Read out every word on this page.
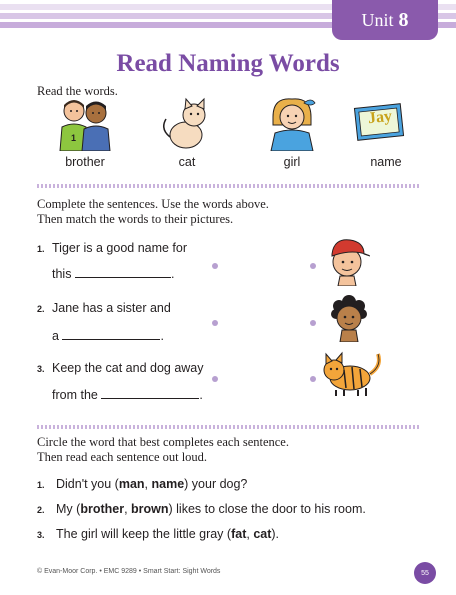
Unit 8
Read Naming Words
Read the words.
1
brother	cat	girl
Jay
name
Complete the sentences. Use the words above.
Then match the words to their pictures.
1. Tiger is a good name for
this	.
2. Jane has a sister and
a	.
3. Keep the cat and dog away
from the	.
Circle the word that best completes each sentence.
Then read each sentence out loud.
1. Didn't you (man, name) your dog?
2. My (brother, brown) likes to close the door to his room.
3. The girl will keep the little gray (fat, cat).
© Evan-Moor Corp. • EMC 9289 • Smart Start: Sight Words	55
